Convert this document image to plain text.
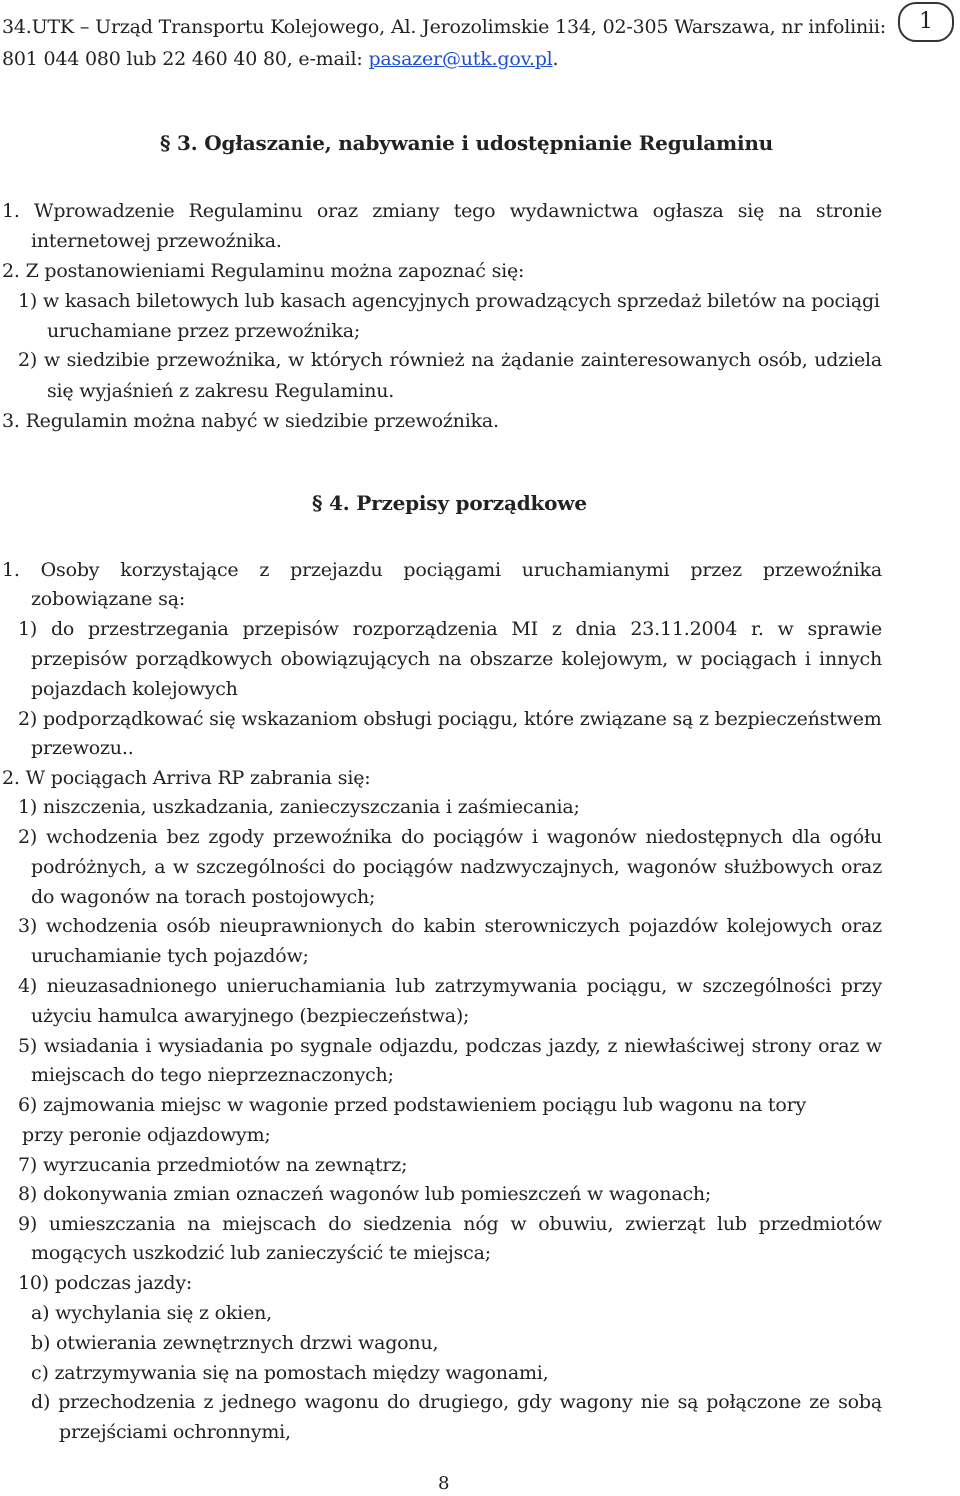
34.UTK – Urząd Transportu Kolejowego, Al. Jerozolimskie 134, 02-305 Warszawa, nr infolinii:
801 044 080 lub 22 460 40 80, e-mail: pasazer@utk.gov.pl.
1
§ 3. Ogłaszanie, nabywanie i udostępnianie Regulaminu
1. Wprowadzenie Regulaminu oraz zmiany tego wydawnictwa ogłasza się na stronie
internetowej przewoźnika.
2. Z postanowieniami Regulaminu można zapoznać się:
1) w kasach biletowych lub kasach agencyjnych prowadzących sprzedaż biletów na pociągi
uruchamiane przez przewoźnika;
2) w siedzibie przewoźnika, w których również na żądanie zainteresowanych osób, udziela
się wyjaśnień z zakresu Regulaminu.
3. Regulamin można nabyć w siedzibie przewoźnika.
§ 4. Przepisy porządkowe
1. Osoby korzystające z przejazdu pociągami uruchamianymi przez przewoźnika
zobowiązane są:
1) do przestrzegania przepisów rozporządzenia MI z dnia 23.11.2004 r. w sprawie
przepisów porządkowych obowiązujących na obszarze kolejowym, w pociągach i innych
pojazdach kolejowych
2) podporządkować się wskazaniom obsługi pociągu, które związane są z bezpieczeństwem
przewozu..
2. W pociągach Arriva RP zabrania się:
1) niszczenia, uszkadzania, zanieczyszczania i zaśmiecania;
2) wchodzenia bez zgody przewoźnika do pociągów i wagonów niedostępnych dla ogółu
podróżnych, a w szczególności do pociągów nadzwyczajnych, wagonów służbowych oraz
do wagonów na torach postojowych;
3) wchodzenia osób nieuprawnionych do kabin sterowniczych pojazdów kolejowych oraz
uruchamianie tych pojazdów;
4) nieuzasadnionego unieruchamiania lub zatrzymywania pociągu, w szczególności przy
użyciu hamulca awaryjnego (bezpieczeństwa);
5) wsiadania i wysiadania po sygnale odjazdu, podczas jazdy, z niewłaściwej strony oraz w
miejscach do tego nieprzeznaczonych;
6) zajmowania miejsc w wagonie przed podstawieniem pociągu lub wagonu na tory
przy peronie odjazdowym;
7) wyrzucania przedmiotów na zewnątrz;
8) dokonywania zmian oznaczeń wagonów lub pomieszczeń w wagonach;
9) umieszczania na miejscach do siedzenia nóg w obuwiu, zwierząt lub przedmiotów
mogących uszkodzić lub zanieczyścić te miejsca;
10) podczas jazdy:
a) wychylania się z okien,
b) otwierania zewnętrznych drzwi wagonu,
c) zatrzymywania się na pomostach między wagonami,
d) przechodzenia z jednego wagonu do drugiego, gdy wagony nie są połączone ze sobą
przejściami ochronnymi,
8
